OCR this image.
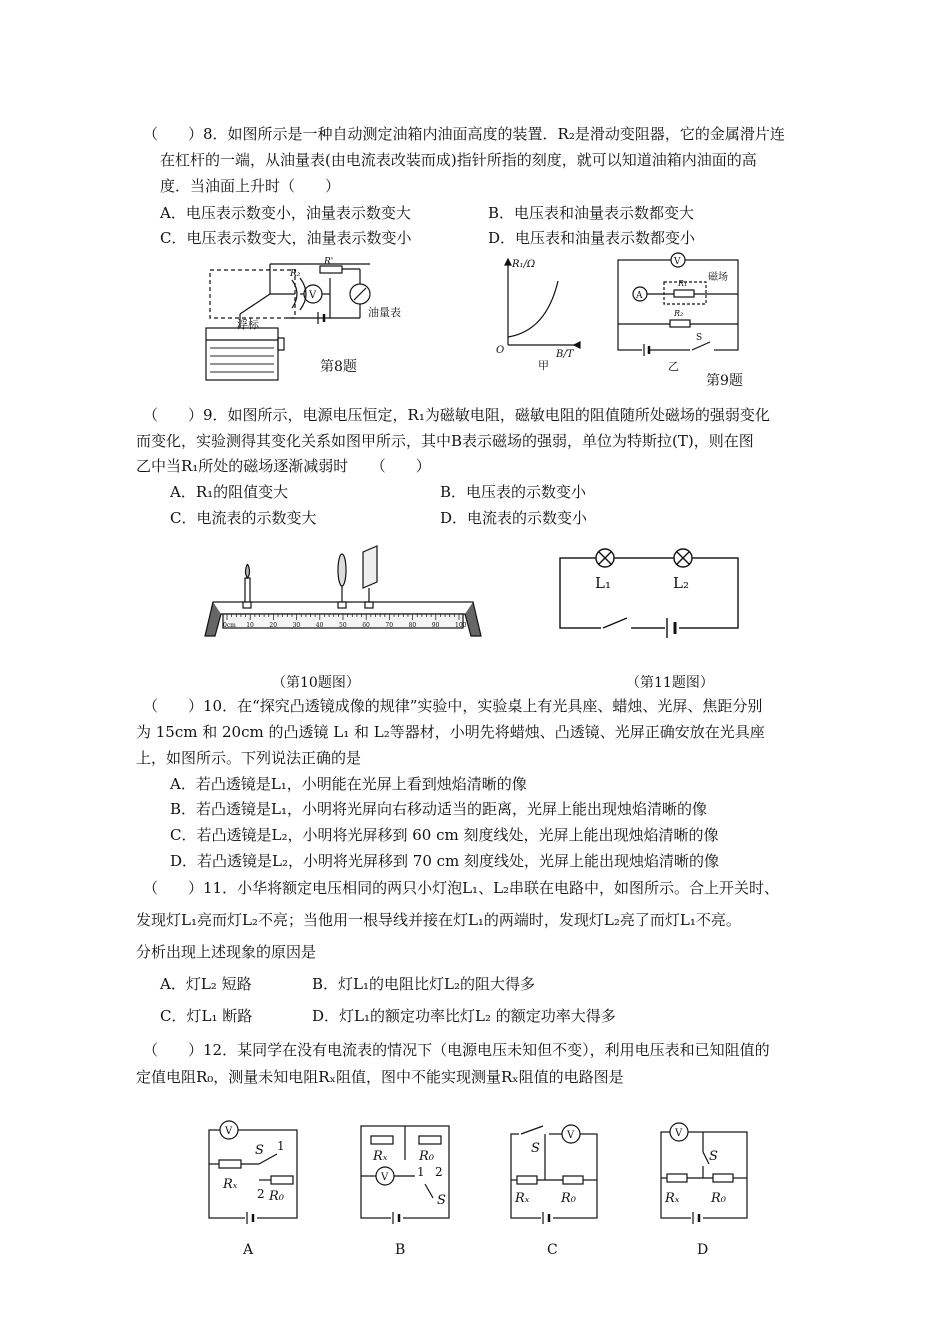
（　　）8．如图所示是一种自动测定油箱内油面高度的装置．R₂是滑动变阻器，它的金属滑片连
在杠杆的一端，从油量表(由电流表改装而成)指针所指的刻度，就可以知道油箱内油面的高
度．当油面上升时（　　）
A．电压表示数变小，油量表示数变大	B．电压表和油量表示数都变大
C．电压表示数变大，油量表示数变小	D．电压表和油量表示数都变小
浮标
R₂
R'
V
油量表
第8题
R₁/Ω
B/T
O
甲
V
A
R₁
磁场
R₂
S
乙
第9题
（　　）9．如图所示，电源电压恒定，R₁为磁敏电阻，磁敏电阻的阻值随所处磁场的强弱变化
而变化，实验测得其变化关系如图甲所示，其中B表示磁场的强弱，单位为特斯拉(T)，则在图
乙中当R₁所处的磁场逐渐减弱时　　（　　）
A．R₁的阻值变大	B．电压表的示数变小
C．电流表的示数变大	D．电流表的示数变小
0cm 10	20	30	40	50	60	70	80	90	100
（第10题图）
L₁	L₂
（第11题图）
（　　）10．在“探究凸透镜成像的规律”实验中，实验桌上有光具座、蜡烛、光屏、焦距分别
为 15cm 和 20cm 的凸透镜 L₁ 和 L₂等器材，小明先将蜡烛、凸透镜、光屏正确安放在光具座
上，如图所示。下列说法正确的是
A．若凸透镜是L₁，小明能在光屏上看到烛焰清晰的像
B．若凸透镜是L₁，小明将光屏向右移动适当的距离，光屏上能出现烛焰清晰的像
C．若凸透镜是L₂，小明将光屏移到 60 cm 刻度线处，光屏上能出现烛焰清晰的像
D．若凸透镜是L₂，小明将光屏移到 70 cm 刻度线处，光屏上能出现烛焰清晰的像
（　　）11．小华将额定电压相同的两只小灯泡L₁、L₂串联在电路中，如图所示。合上开关时、
发现灯L₁亮而灯L₂不亮；当他用一根导线并接在灯L₁的两端时，发现灯L₂亮了而灯L₁不亮。
分析出现上述现象的原因是
A．灯L₂ 短路	B．灯L₁的电阻比灯L₂的阻大得多
C．灯L₁ 断路	D．灯L₁的额定功率比灯L₂ 的额定功率大得多
（　　）12．某同学在没有电流表的情况下（电源电压未知但不变），利用电压表和已知阻值的
定值电阻R₀，测量未知电阻Rₓ阻值，图中不能实现测量Rₓ阻值的电路图是
V
S 1
Rₓ
2 R₀
A
V
Rₓ R₀
1 2
S
B
S
V
Rₓ R₀
C
V
S
Rₓ R₀
D
